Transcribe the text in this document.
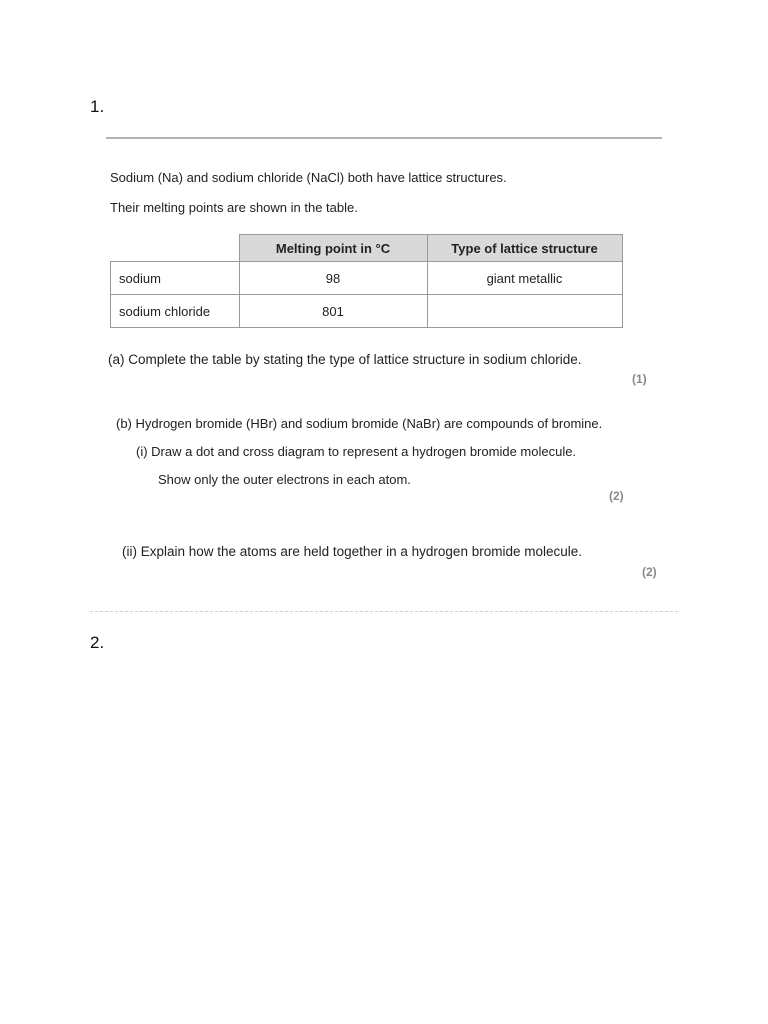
1.
Sodium (Na) and sodium chloride (NaCl) both have lattice structures.
Their melting points are shown in the table.
	Melting point in °C	Type of lattice structure
sodium	98	giant metallic
sodium chloride	801	
(a) Complete the table by stating the type of lattice structure in sodium chloride.
(1)
(b) Hydrogen bromide (HBr) and sodium bromide (NaBr) are compounds of bromine.
(i) Draw a dot and cross diagram to represent a hydrogen bromide molecule.
Show only the outer electrons in each atom.
(2)
(ii) Explain how the atoms are held together in a hydrogen bromide molecule.
(2)
2.
